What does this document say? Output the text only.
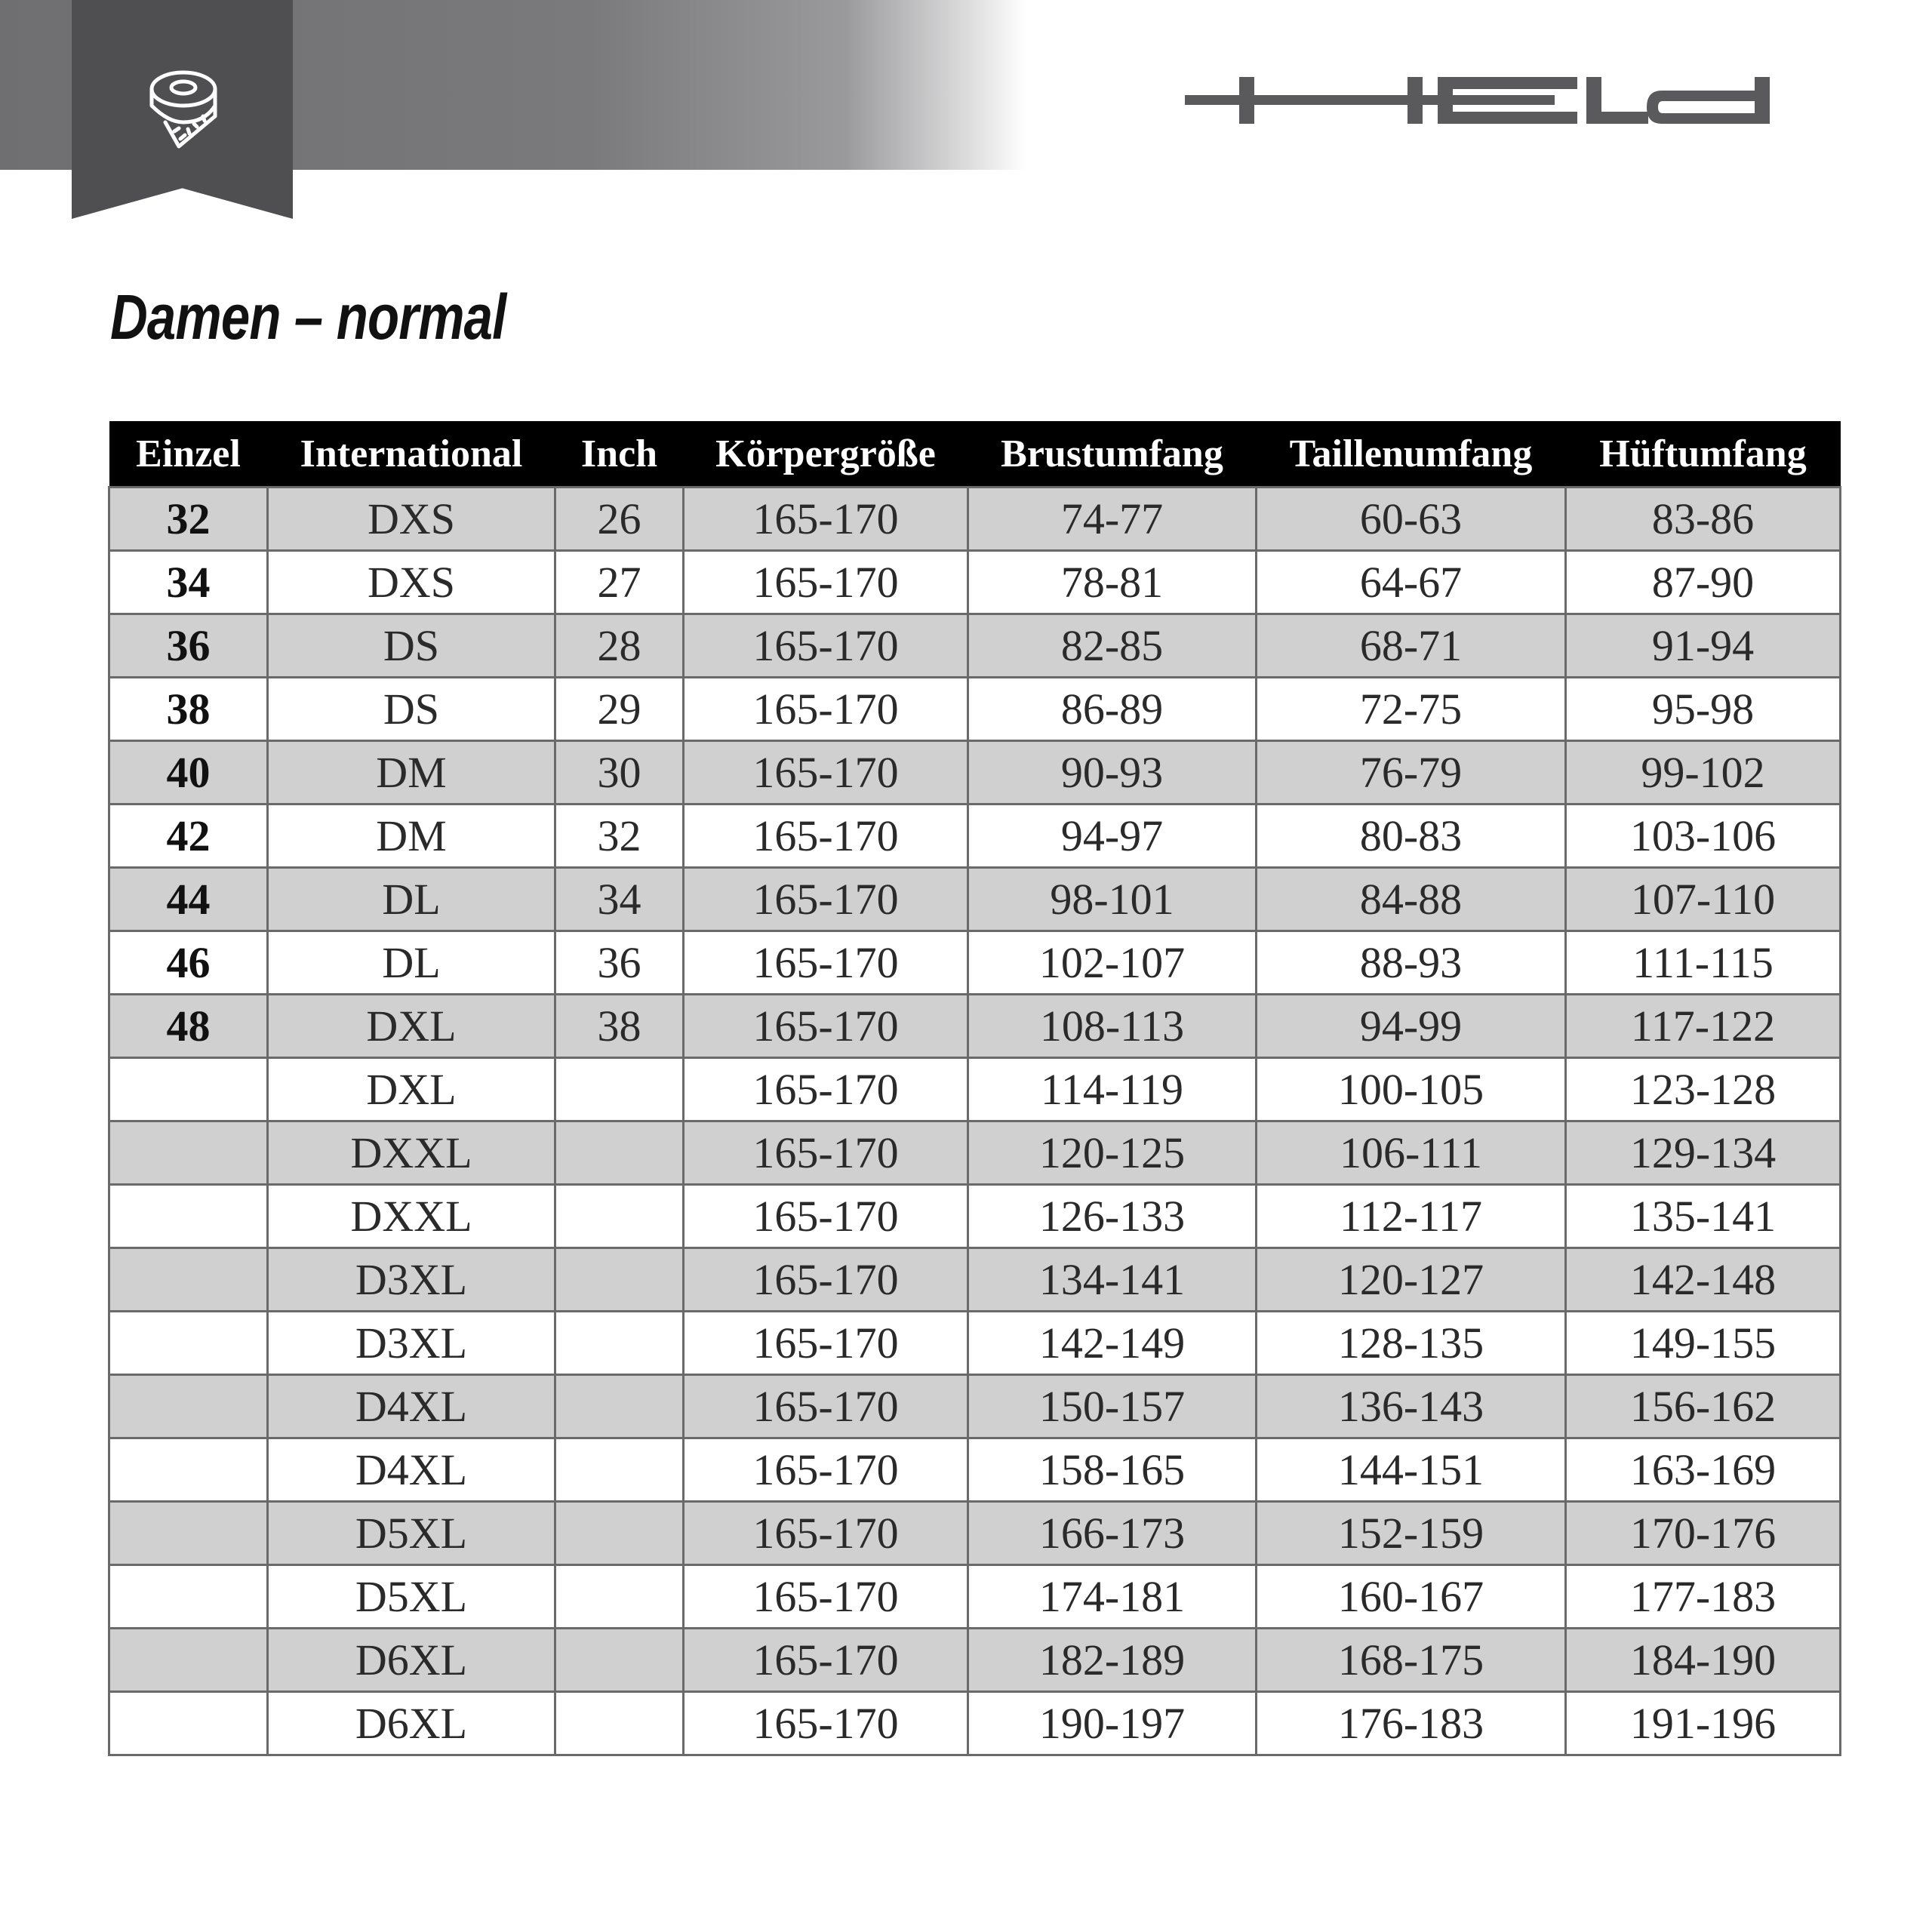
Damen – normal
Einzel	International	Inch	Körpergröße	Brustumfang	Taillenumfang	Hüftumfang
32	DXS	26	165-170	74-77	60-63	83-86
34	DXS	27	165-170	78-81	64-67	87-90
36	DS	28	165-170	82-85	68-71	91-94
38	DS	29	165-170	86-89	72-75	95-98
40	DM	30	165-170	90-93	76-79	99-102
42	DM	32	165-170	94-97	80-83	103-106
44	DL	34	165-170	98-101	84-88	107-110
46	DL	36	165-170	102-107	88-93	111-115
48	DXL	38	165-170	108-113	94-99	117-122
	DXL		165-170	114-119	100-105	123-128
	DXXL		165-170	120-125	106-111	129-134
	DXXL		165-170	126-133	112-117	135-141
	D3XL		165-170	134-141	120-127	142-148
	D3XL		165-170	142-149	128-135	149-155
	D4XL		165-170	150-157	136-143	156-162
	D4XL		165-170	158-165	144-151	163-169
	D5XL		165-170	166-173	152-159	170-176
	D5XL		165-170	174-181	160-167	177-183
	D6XL		165-170	182-189	168-175	184-190
	D6XL		165-170	190-197	176-183	191-196
